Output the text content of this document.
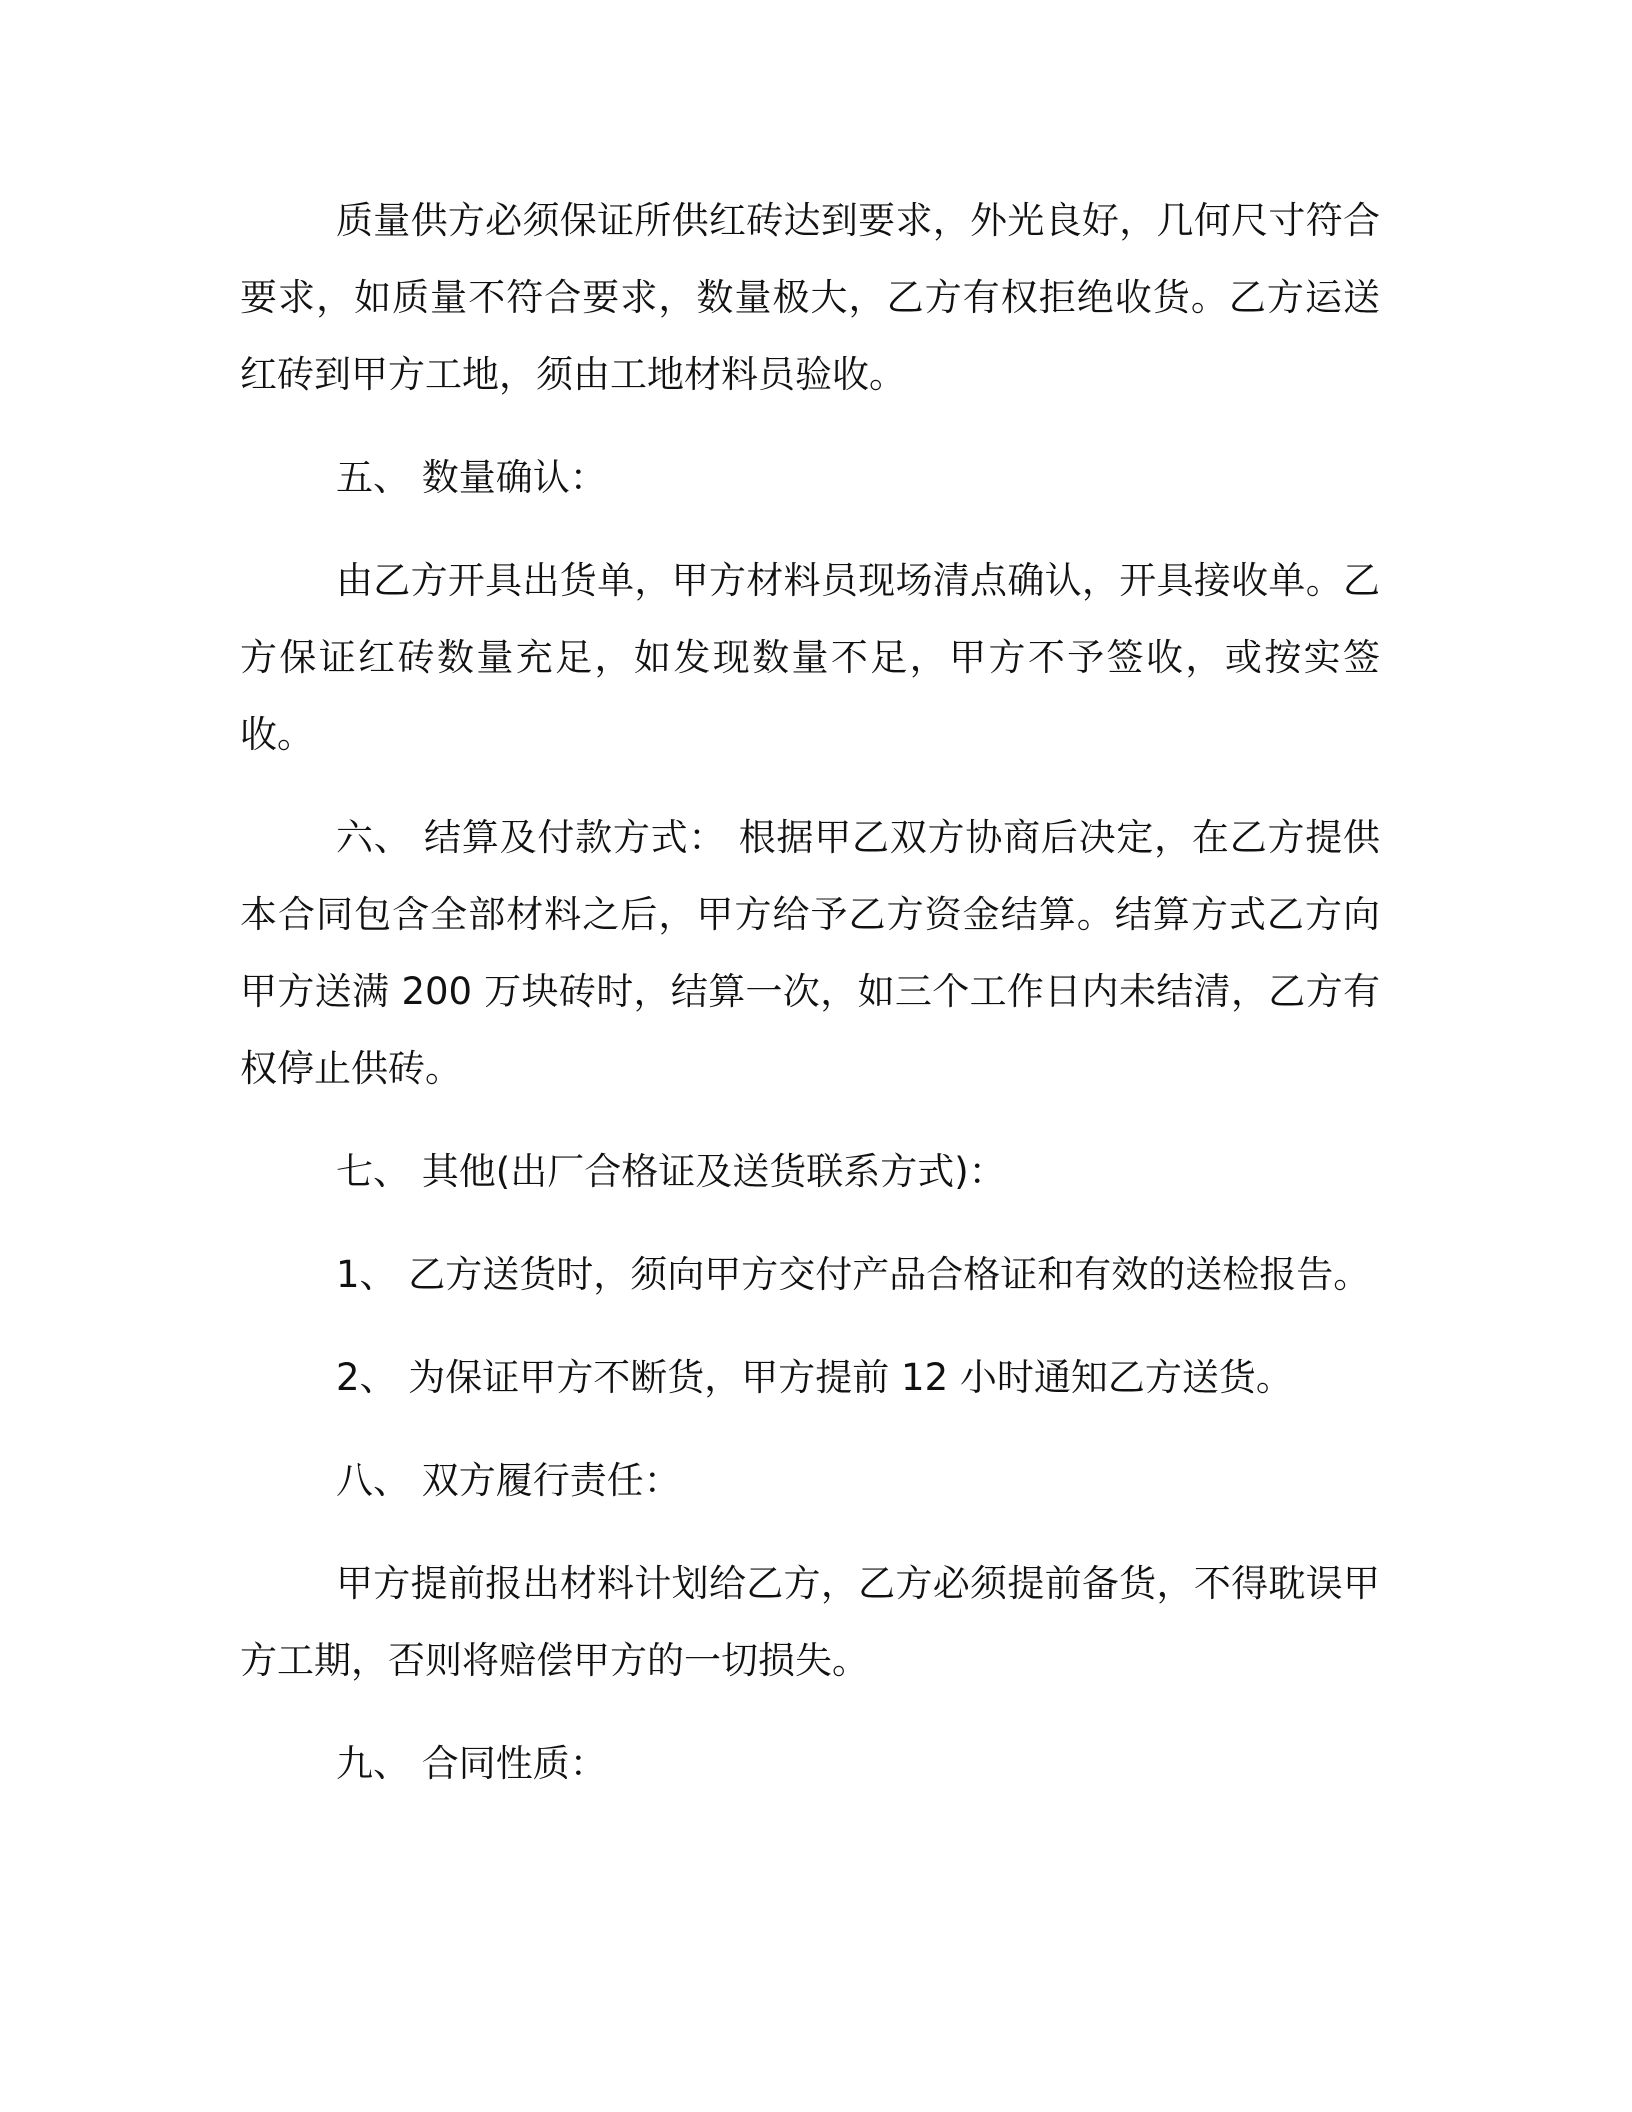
质量供方必须保证所供红砖达到要求，外光良好，几何尺寸符合要求，如质量不符合要求，数量极大，乙方有权拒绝收货。乙方运送红砖到甲方工地，须由工地材料员验收。

五、 数量确认：

由乙方开具出货单，甲方材料员现场清点确认，开具接收单。乙方保证红砖数量充足，如发现数量不足，甲方不予签收，或按实签收。

六、 结算及付款方式： 根据甲乙双方协商后决定，在乙方提供本合同包含全部材料之后，甲方给予乙方资金结算。结算方式乙方向甲方送满 200 万块砖时，结算一次，如三个工作日内未结清，乙方有权停止供砖。

七、 其他(出厂合格证及送货联系方式)：

1、 乙方送货时，须向甲方交付产品合格证和有效的送检报告。

2、 为保证甲方不断货，甲方提前 12 小时通知乙方送货。

八、 双方履行责任：

甲方提前报出材料计划给乙方，乙方必须提前备货，不得耽误甲方工期，否则将赔偿甲方的一切损失。

九、 合同性质：
